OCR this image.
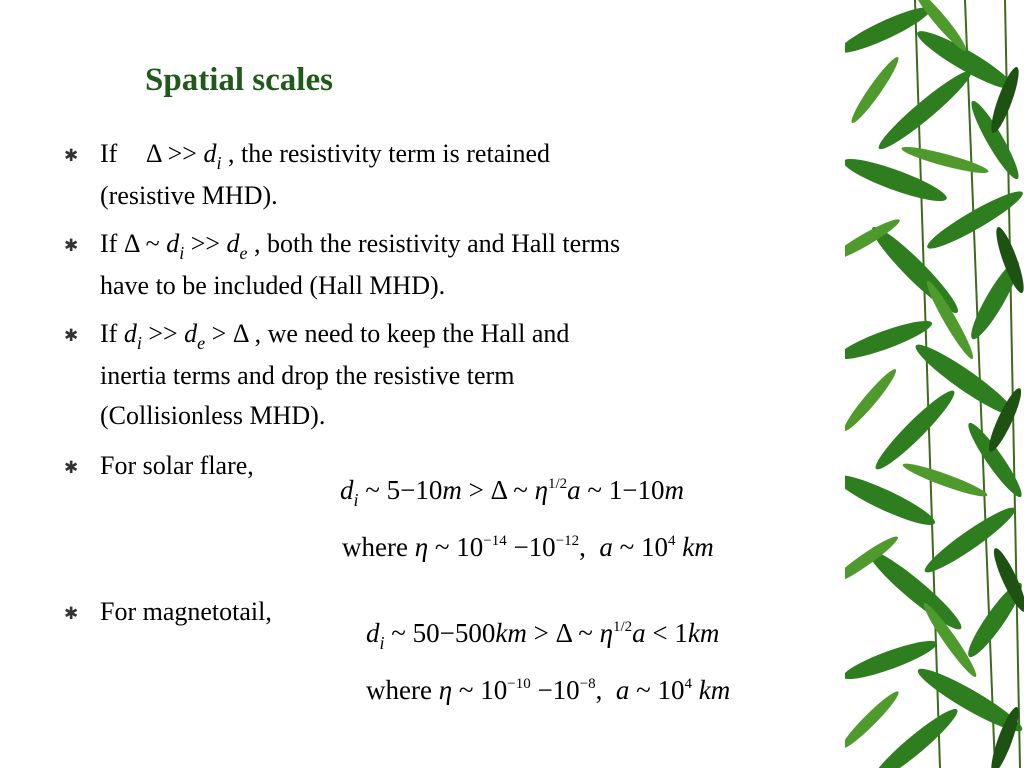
Spatial scales
✱ If $\Delta >> d_i$ , the resistivity term is retained
(resistive MHD).
✱ If Δ ~ $d_i >> d_e$ , both the resistivity and Hall terms
have to be included (Hall MHD).
✱ If $d_i >> d_e > \Delta$ , we need to keep the Hall and
inertia terms and drop the resistive term
(Collisionless MHD).
✱ For solar flare,
$d_i$ ~ 5−10m > Δ ~ $\eta^{1/2}a$ ~ 1−10m
where η ~ $10^{-14} -10^{-12}$,  a ~ $10^4$ km
✱ For magnetotail,
$d_i$ ~ 50−500km > Δ ~ $\eta^{1/2}a < 1km$
where η ~ $10^{-10} -10^{-8}$,  a ~ $10^4$ km
